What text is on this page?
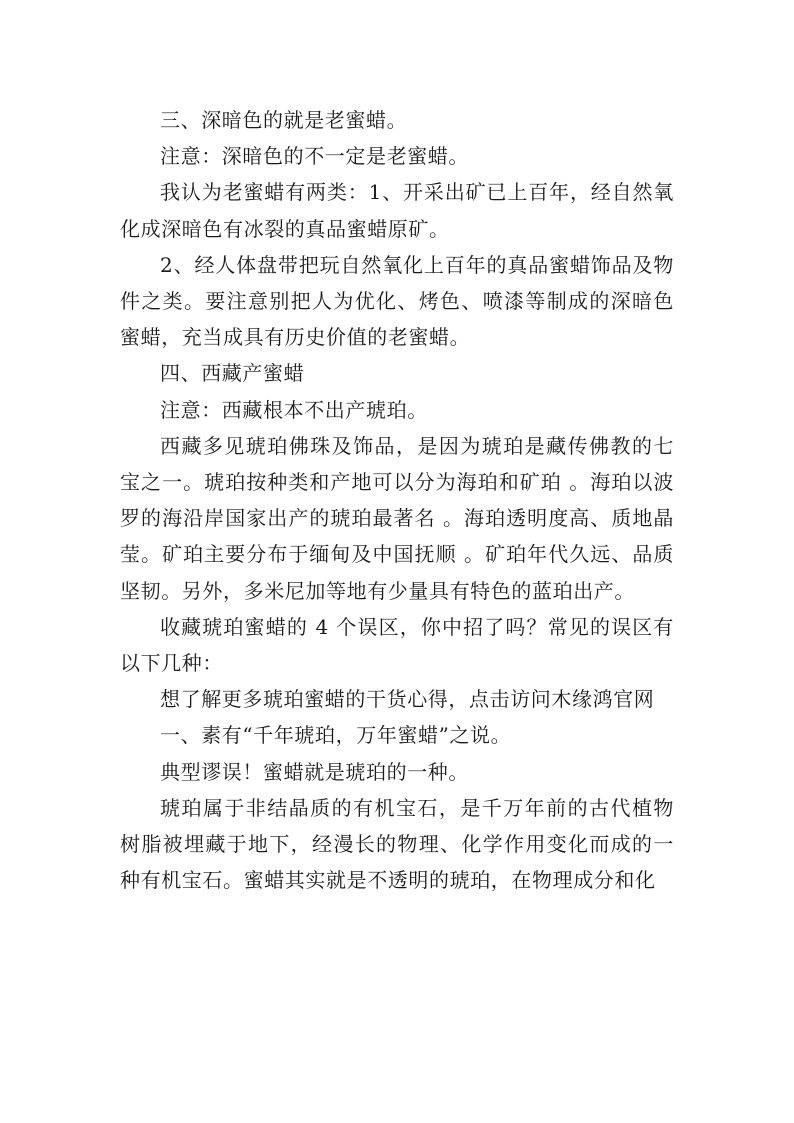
三、深暗色的就是老蜜蜡。

注意：深暗色的不一定是老蜜蜡。

我认为老蜜蜡有两类：1、开采出矿已上百年，经自然氧化成深暗色有冰裂的真品蜜蜡原矿。

2、经人体盘带把玩自然氧化上百年的真品蜜蜡饰品及物件之类。要注意别把人为优化、烤色、喷漆等制成的深暗色蜜蜡，充当成具有历史价值的老蜜蜡。

四、西藏产蜜蜡

注意：西藏根本不出产琥珀。

西藏多见琥珀佛珠及饰品，是因为琥珀是藏传佛教的七宝之一。琥珀按种类和产地可以分为海珀和矿珀 。海珀以波罗的海沿岸国家出产的琥珀最著名 。海珀透明度高、质地晶莹。矿珀主要分布于缅甸及中国抚顺 。矿珀年代久远、品质坚韧。另外，多米尼加等地有少量具有特色的蓝珀出产。

收藏琥珀蜜蜡的 4 个误区，你中招了吗？常见的误区有以下几种：

想了解更多琥珀蜜蜡的干货心得，点击访问木缘鸿官网

一、素有“千年琥珀，万年蜜蜡”之说。

典型谬误！蜜蜡就是琥珀的一种。

琥珀属于非结晶质的有机宝石，是千万年前的古代植物树脂被埋藏于地下，经漫长的物理、化学作用变化而成的一种有机宝石。蜜蜡其实就是不透明的琥珀，在物理成分和化
